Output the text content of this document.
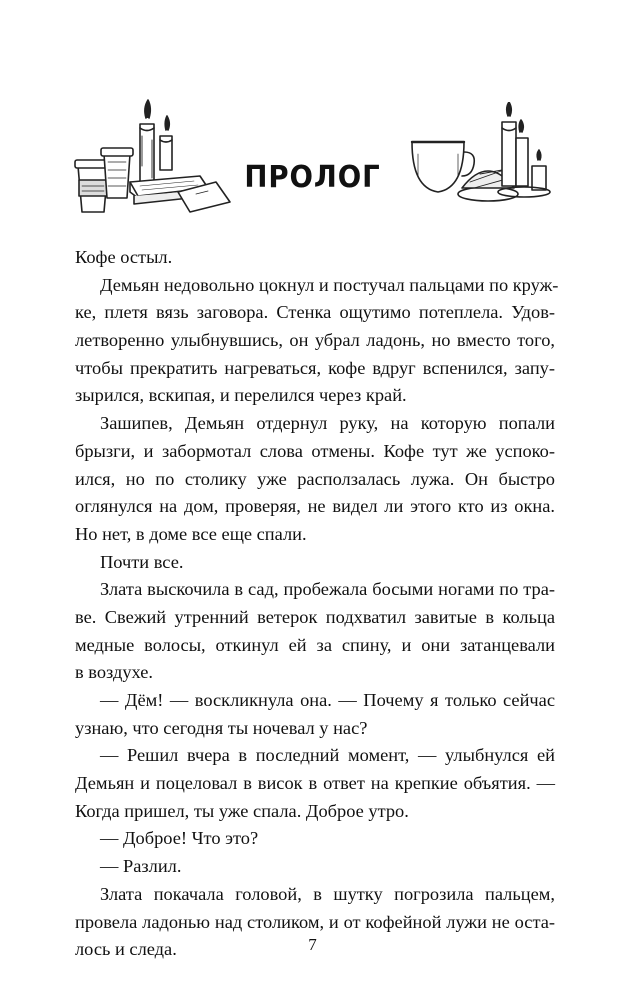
ПРОЛОГ

Кофе остыл.

Демьян недовольно цокнул и постучал пальцами по круж-

ке, плетя вязь заговора. Стенка ощутимо потеплела. Удов-

летворенно улыбнувшись, он убрал ладонь, но вместо того,

чтобы прекратить нагреваться, кофе вдруг вспенился, запу-

зырился, вскипая, и перелился через край.

Зашипев, Демьян отдернул руку, на которую попали

брызги, и забормотал слова отмены. Кофе тут же успоко-

ился, но по столику уже расползалась лужа. Он быстро

оглянулся на дом, проверяя, не видел ли этого кто из окна.

Но нет, в доме все еще спали.

Почти все.

Злата выскочила в сад, пробежала босыми ногами по тра-

ве. Свежий утренний ветерок подхватил завитые в кольца

медные волосы, откинул ей за спину, и они затанцевали

в воздухе.

— Дём! — воскликнула она. — Почему я только сейчас

узнаю, что сегодня ты ночевал у нас?

— Решил вчера в последний момент, — улыбнулся ей

Демьян и поцеловал в висок в ответ на крепкие объятия. —

Когда пришел, ты уже спала. Доброе утро.

— Доброе! Что это?

— Разлил.

Злата покачала головой, в шутку погрозила пальцем,

провела ладонью над столиком, и от кофейной лужи не оста-

лось и следа.	7
